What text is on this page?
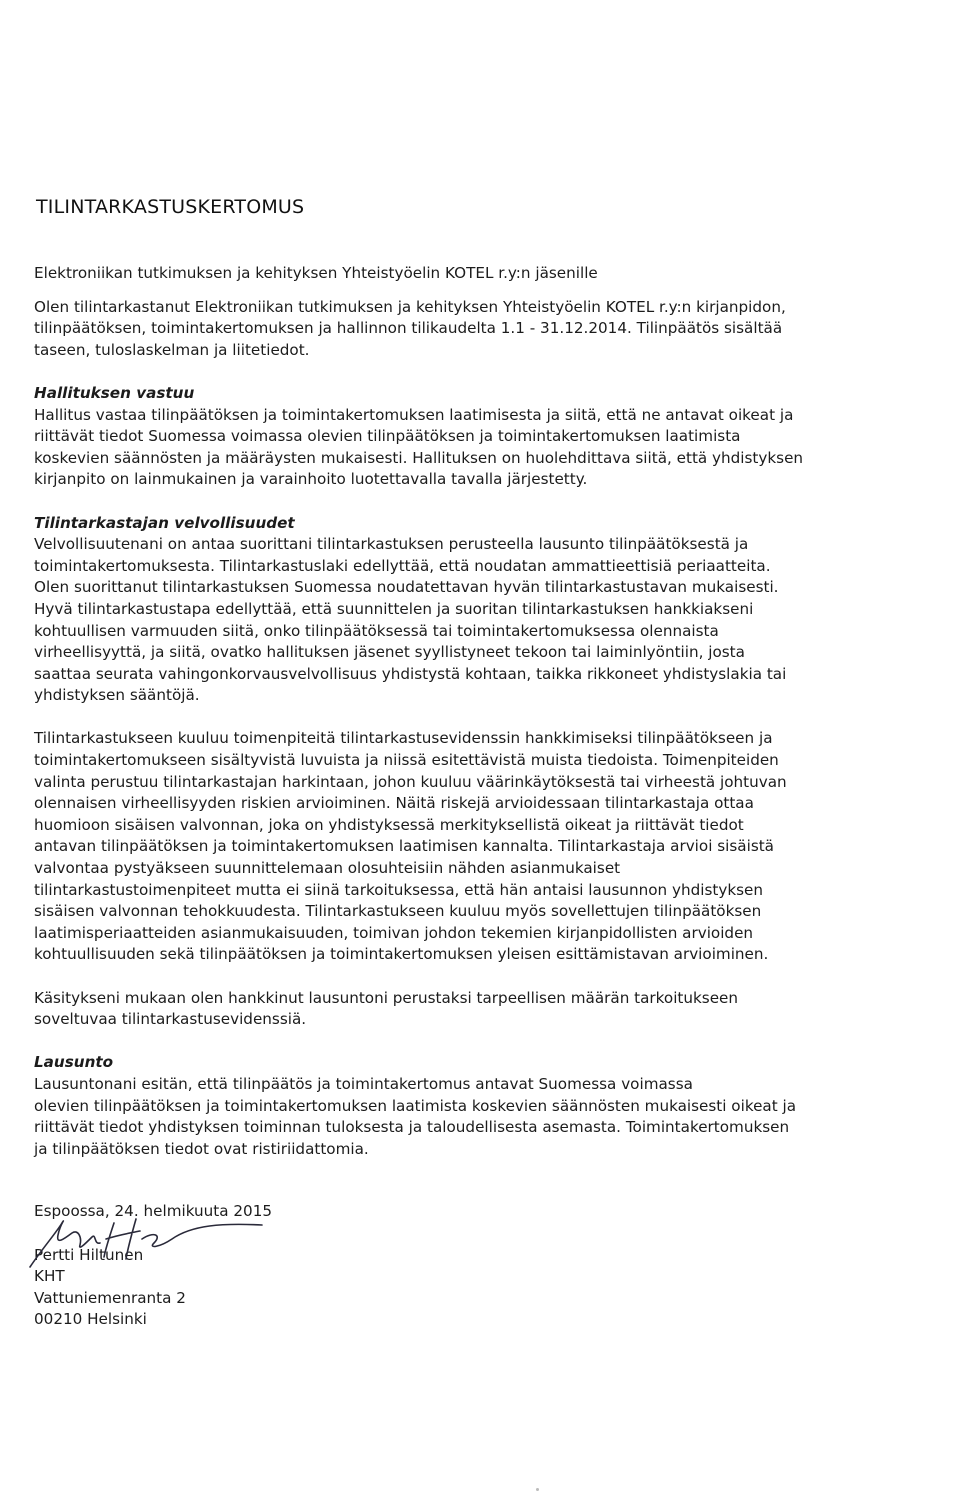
TILINTARKASTUSKERTOMUS

Elektroniikan tutkimuksen ja kehityksen Yhteistyöelin KOTEL r.y:n jäsenille

Olen tilintarkastanut Elektroniikan tutkimuksen ja kehityksen Yhteistyöelin KOTEL r.y:n kirjanpidon,
tilinpäätöksen, toimintakertomuksen ja hallinnon tilikaudelta 1.1 - 31.12.2014. Tilinpäätös sisältää
taseen, tuloslaskelman ja liitetiedot.

Hallituksen vastuu

Hallitus vastaa tilinpäätöksen ja toimintakertomuksen laatimisesta ja siitä, että ne antavat oikeat ja
riittävät tiedot Suomessa voimassa olevien tilinpäätöksen ja toimintakertomuksen laatimista
koskevien säännösten ja määräysten mukaisesti. Hallituksen on huolehdittava siitä, että yhdistyksen
kirjanpito on lainmukainen ja varainhoito luotettavalla tavalla järjestetty.

Tilintarkastajan velvollisuudet

Velvollisuutenani on antaa suorittani tilintarkastuksen perusteella lausunto tilinpäätöksestä ja
toimintakertomuksesta. Tilintarkastuslaki edellyttää, että noudatan ammattieettisiä periaatteita.
Olen suorittanut tilintarkastuksen Suomessa noudatettavan hyvän tilintarkastustavan mukaisesti.
Hyvä tilintarkastustapa edellyttää, että suunnittelen ja suoritan tilintarkastuksen hankkiakseni
kohtuullisen varmuuden siitä, onko tilinpäätöksessä tai toimintakertomuksessa olennaista
virheellisyyttä, ja siitä, ovatko hallituksen jäsenet syyllistyneet tekoon tai laiminlyöntiin, josta
saattaa seurata vahingonkorvausvelvollisuus yhdistystä kohtaan, taikka rikkoneet yhdistyslakia tai
yhdistyksen sääntöjä.
Tilintarkastukseen kuuluu toimenpiteitä tilintarkastusevidenssin hankkimiseksi tilinpäätökseen ja
toimintakertomukseen sisältyvistä luvuista ja niissä esitettävistä muista tiedoista. Toimenpiteiden
valinta perustuu tilintarkastajan harkintaan, johon kuuluu väärinkäytöksestä tai virheestä johtuvan
olennaisen virheellisyyden riskien arvioiminen. Näitä riskejä arvioidessaan tilintarkastaja ottaa
huomioon sisäisen valvonnan, joka on yhdistyksessä merkityksellistä oikeat ja riittävät tiedot
antavan tilinpäätöksen ja toimintakertomuksen laatimisen kannalta. Tilintarkastaja arvioi sisäistä
valvontaa pystyäkseen suunnittelemaan olosuhteisiin nähden asianmukaiset
tilintarkastustoimenpiteet mutta ei siinä tarkoituksessa, että hän antaisi lausunnon yhdistyksen
sisäisen valvonnan tehokkuudesta. Tilintarkastukseen kuuluu myös sovellettujen tilinpäätöksen
laatimisperiaatteiden asianmukaisuuden, toimivan johdon tekemien kirjanpidollisten arvioiden
kohtuullisuuden sekä tilinpäätöksen ja toimintakertomuksen yleisen esittämistavan arvioiminen.
Käsitykseni mukaan olen hankkinut lausuntoni perustaksi tarpeellisen määrän tarkoitukseen
soveltuvaa tilintarkastusevidenssiä.

Lausunto

Lausuntonani esitän, että tilinpäätös ja toimintakertomus antavat Suomessa voimassa
olevien tilinpäätöksen ja toimintakertomuksen laatimista koskevien säännösten mukaisesti oikeat ja
riittävät tiedot yhdistyksen toiminnan tuloksesta ja taloudellisesta asemasta. Toimintakertomuksen
ja tilinpäätöksen tiedot ovat ristiriidattomia.
Espoossa, 24. helmikuuta 2015
Pertti Hiltunen
KHT
Vattuniemenranta 2
00210 Helsinki
